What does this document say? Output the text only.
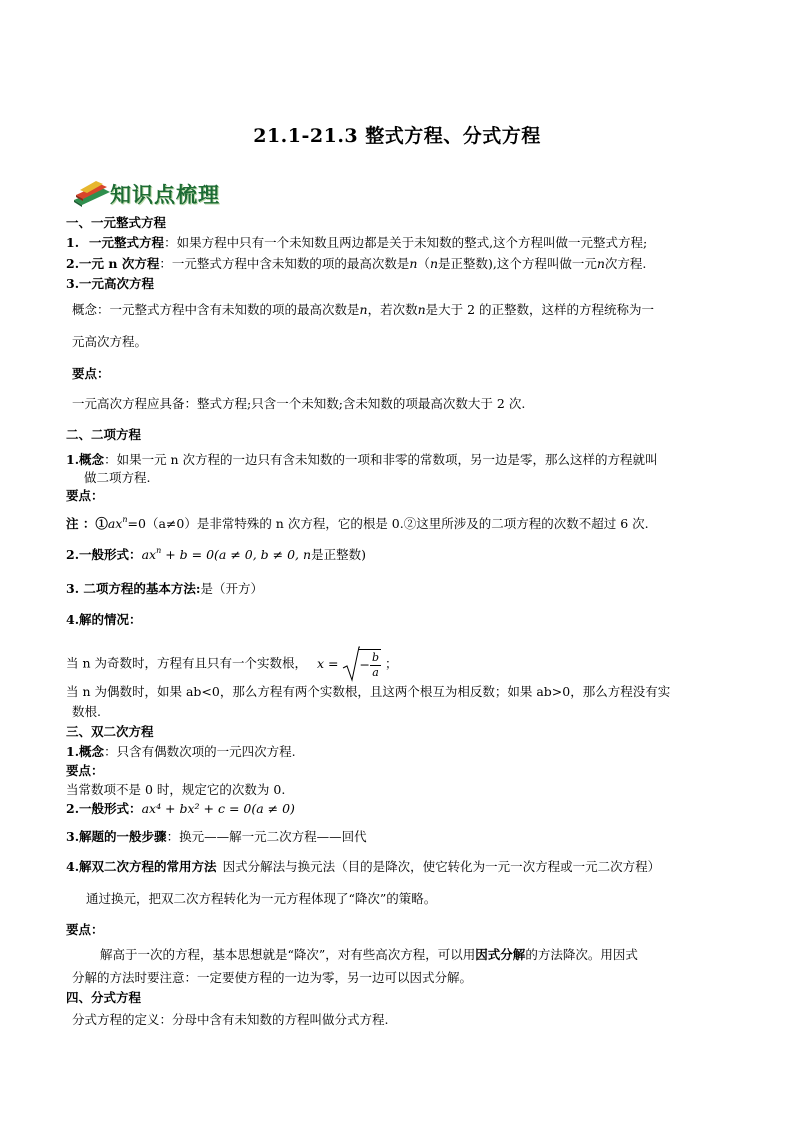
21.1-21.3 整式方程、分式方程
知识点梳理
一、一元整式方程
1. 一元整式方程：如果方程中只有一个未知数且两边都是关于未知数的整式,这个方程叫做一元整式方程;
2.一元 n 次方程：一元整式方程中含未知数的项的最高次数是n（n是正整数),这个方程叫做一元n次方程.
3.一元高次方程
概念：一元整式方程中含有未知数的项的最高次数是n，若次数n是大于 2 的正整数，这样的方程统称为一
元高次方程。
要点：
一元高次方程应具备：整式方程;只含一个未知数;含未知数的项最高次数大于 2 次.
二、二项方程
1.概念：如果一元 n 次方程的一边只有含未知数的一项和非零的常数项，另一边是零，那么这样的方程就叫
做二项方程.
要点：
注 ：$①ax^n=0(a\ne 0)$是非常特殊的 n 次方程，它的根是 0.②这里所涉及的二项方程的次数不超过 6 次.
2.一般形式：$ax^n + b = 0(a \ne 0$, b ≠ 0, n是正整数)
3. 二项方程的基本方法:是（开方）
4.解的情况：
当 n 为奇数时，方程有且只有一个实数根， x = − $\frac{b}{a}$ ；
当 n 为偶数时，如果 ab<0，那么方程有两个实数根，且这两个根互为相反数；如果 ab>0，那么方程没有实
数根.
三、双二次方程
1.概念：只含有偶数次项的一元四次方程.
要点：
当常数项不是 0 时，规定它的次数为 0.
2.一般形式：ax⁴ + bx² + c = 0(a ≠ 0)
3.解题的一般步骤：换元——解一元二次方程——回代
4.解双二次方程的常用方法 因式分解法与换元法（目的是降次，使它转化为一元一次方程或一元二次方程）
通过换元，把双二次方程转化为一元方程体现了“降次”的策略。
要点：
解高于一次的方程，基本思想就是“降次”，对有些高次方程，可以用因式分解的方法降次。用因式
分解的方法时要注意：一定要使方程的一边为零，另一边可以因式分解。
四、分式方程
分式方程的定义：分母中含有未知数的方程叫做分式方程.
